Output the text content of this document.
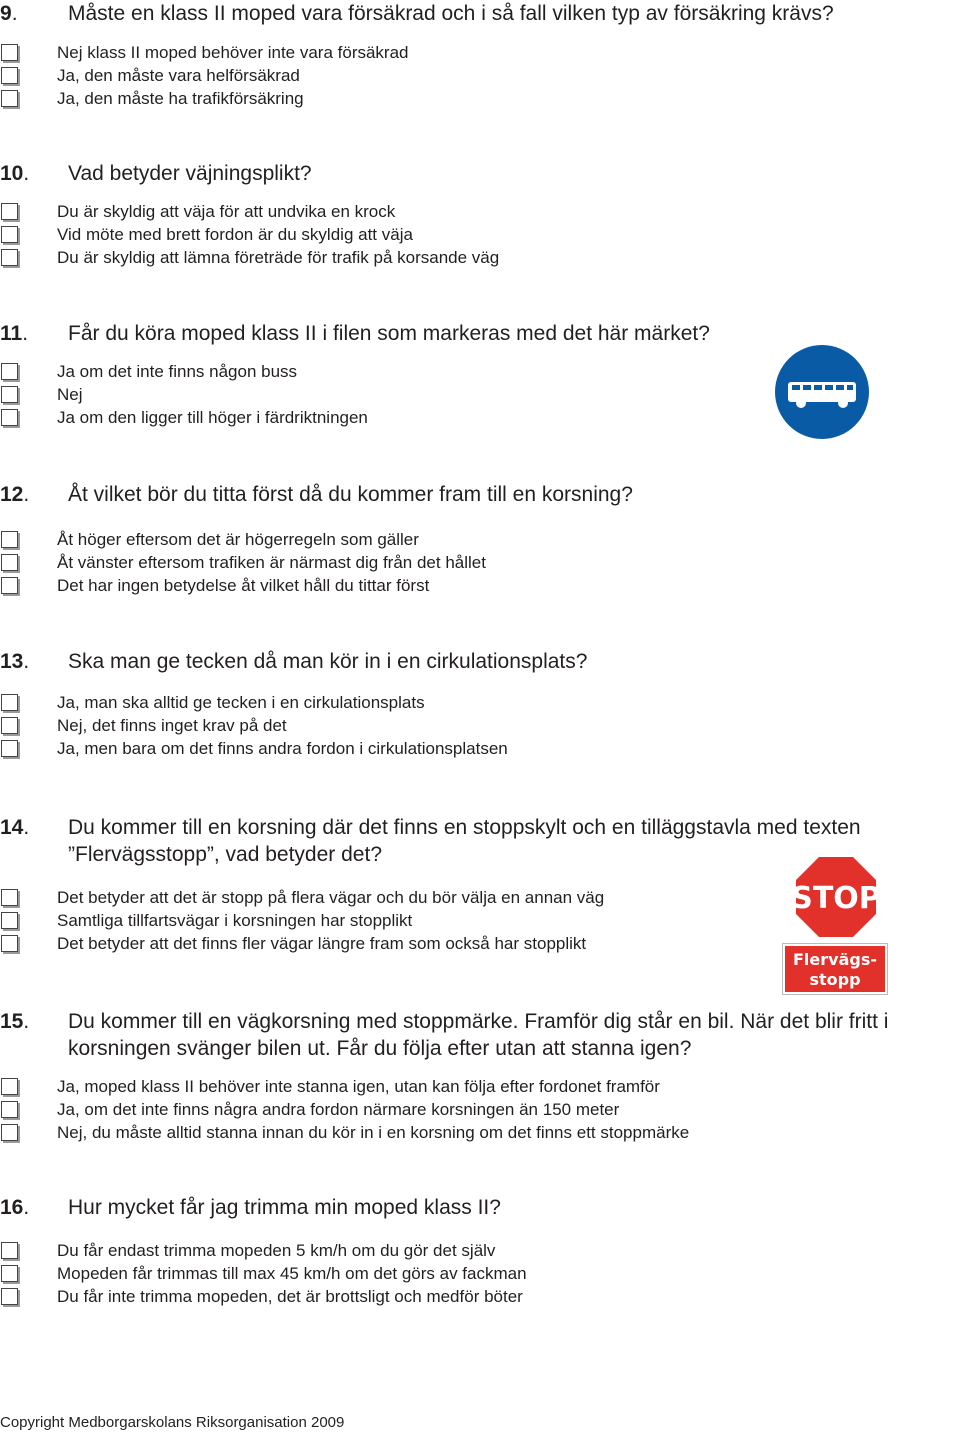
9.	Måste en klass II moped vara försäkrad och i så fall vilken typ av försäkring krävs?
Nej klass II moped behöver inte vara försäkrad
Ja, den måste vara helförsäkrad
Ja, den måste ha trafikförsäkring
10.	Vad betyder väjningsplikt?
Du är skyldig att väja för att undvika en krock
Vid möte med brett fordon är du skyldig att väja
Du är skyldig att lämna företräde för trafik på korsande väg
11.	Får du köra moped klass II i filen som markeras med det här märket?
Ja om det inte finns någon buss
Nej
Ja om den ligger till höger i färdriktningen
12.	Åt vilket bör du titta först då du kommer fram till en korsning?
Åt höger eftersom det är högerregeln som gäller
Åt vänster eftersom trafiken är närmast dig från det hållet
Det har ingen betydelse åt vilket håll du tittar först
13.	Ska man ge tecken då man kör in i en cirkulationsplats?
Ja, man ska alltid ge tecken i en cirkulationsplats
Nej, det finns inget krav på det
Ja, men bara om det finns andra fordon i cirkulationsplatsen
14.	Du kommer till en korsning där det finns en stoppskylt och en tilläggstavla med texten ”Flervägsstopp”, vad betyder det?
Det betyder att det är stopp på flera vägar och du bör välja en annan väg
Samtliga tillfartsvägar i korsningen har stopplikt
Det betyder att det finns fler vägar längre fram som också har stopplikt
STOP
Flervägs-
stopp
15.	Du kommer till en vägkorsning med stoppmärke. Framför dig står en bil. När det blir fritt i korsningen svänger bilen ut. Får du följa efter utan att stanna igen?
Ja, moped klass II behöver inte stanna igen, utan kan följa efter fordonet framför
Ja, om det inte finns några andra fordon närmare korsningen än 150 meter
Nej, du måste alltid stanna innan du kör in i en korsning om det finns ett stoppmärke
16.	Hur mycket får jag trimma min moped klass II?
Du får endast trimma mopeden 5 km/h om du gör det själv
Mopeden får trimmas till max 45 km/h om det görs av fackman
Du får inte trimma mopeden, det är brottsligt och medför böter
Copyright Medborgarskolans Riksorganisation 2009
